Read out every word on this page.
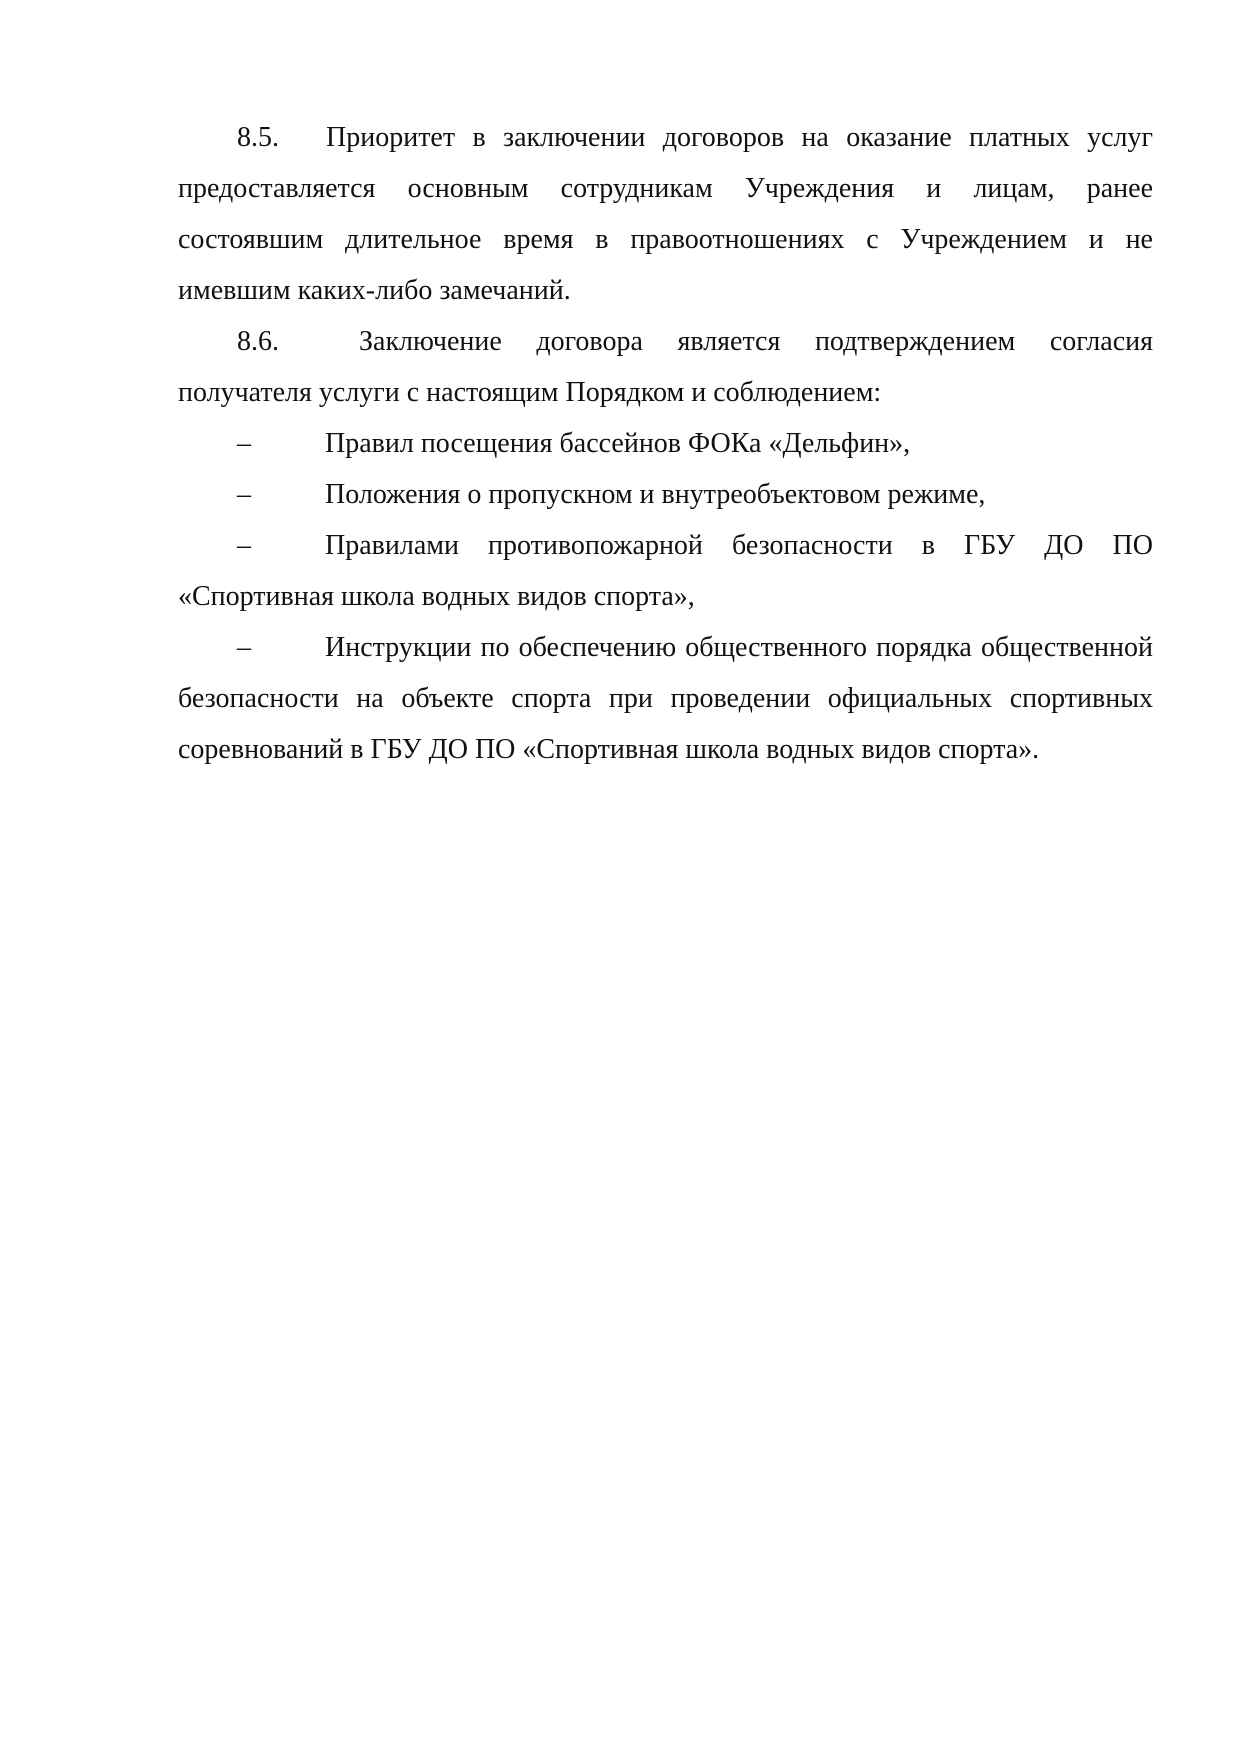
8.5. Приоритет в заключении договоров на оказание платных услуг предоставляется основным сотрудникам Учреждения и лицам, ранее состоявшим длительное время в правоотношениях с Учреждением и не имевшим каких-либо замечаний.

8.6.	Заключение договора является подтверждением согласия получателя услуги с настоящим Порядком и соблюдением:

–	Правил посещения бассейнов ФОКа «Дельфин»,

–	Положения о пропускном и внутреобъектовом режиме,

–	Правилами противопожарной безопасности в ГБУ ДО ПО «Спортивная школа водных видов спорта»,

–	Инструкции по обеспечению общественного порядка общественной безопасности на объекте спорта при проведении официальных спортивных соревнований в ГБУ ДО ПО «Спортивная школа водных видов спорта».
